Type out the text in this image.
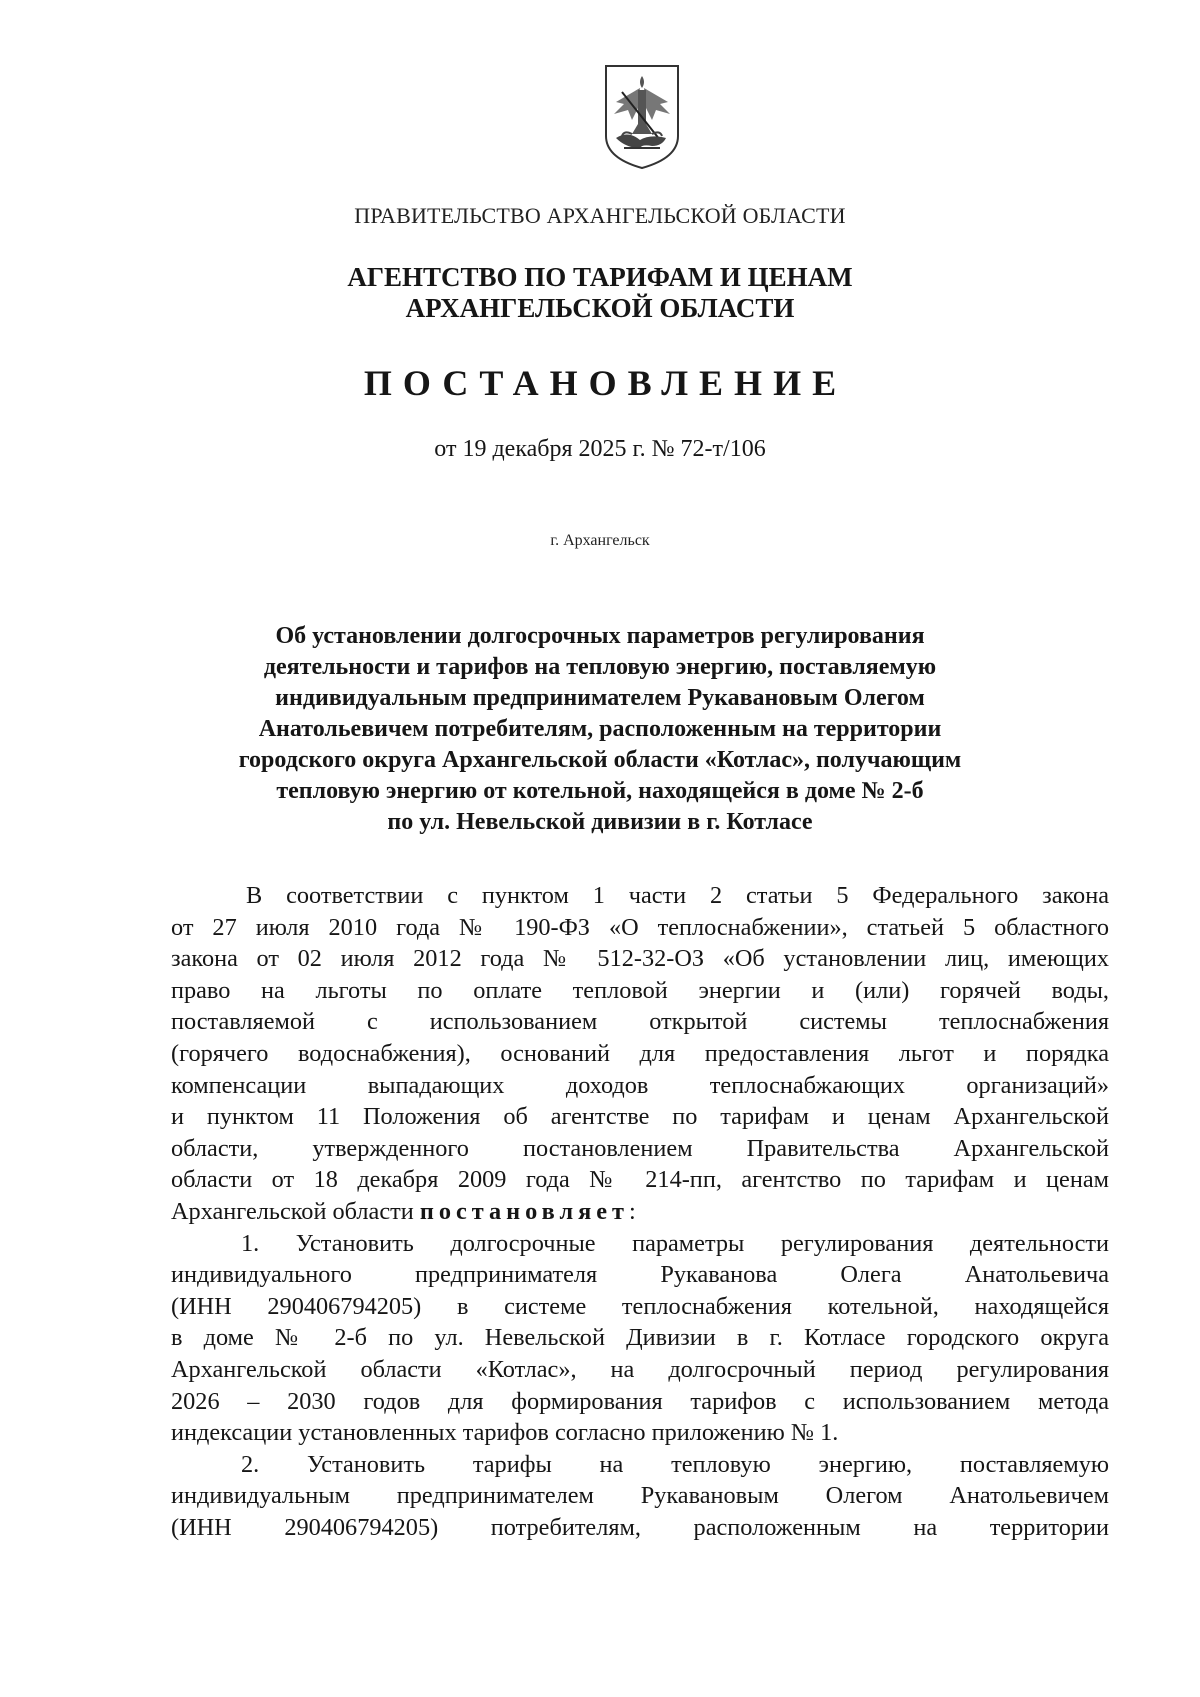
ПРАВИТЕЛЬСТВО АРХАНГЕЛЬСКОЙ ОБЛАСТИ
АГЕНТСТВО ПО ТАРИФАМ И ЦЕНАМ
АРХАНГЕЛЬСКОЙ ОБЛАСТИ
ПОСТАНОВЛЕНИЕ
от 19 декабря 2025 г. № 72-т/106
г. Архангельск
Об установлении долгосрочных параметров регулирования
деятельности и тарифов на тепловую энергию, поставляемую
индивидуальным предпринимателем Рукавановым Олегом
Анатольевичем потребителям, расположенным на территории
городского округа Архангельской области «Котлас», получающим
тепловую энергию от котельной, находящейся в доме № 2-б
по ул. Невельской дивизии в г. Котласе
В соответствии с пунктом 1 части 2 статьи 5 Федерального закона
от 27 июля 2010 года № 190-ФЗ «О теплоснабжении», статьей 5 областного
закона от 02 июля 2012 года № 512-32-ОЗ «Об установлении лиц, имеющих
право на льготы по оплате тепловой энергии и (или) горячей воды,
поставляемой с использованием открытой системы теплоснабжения
(горячего водоснабжения), оснований для предоставления льгот и порядка
компенсации выпадающих доходов теплоснабжающих организаций»
и пунктом 11 Положения об агентстве по тарифам и ценам Архангельской
области, утвержденного постановлением Правительства Архангельской
области от 18 декабря 2009 года № 214-пп, агентство по тарифам и ценам
Архангельской области постановляет:
1. Установить долгосрочные параметры регулирования деятельности
индивидуального предпринимателя Рукаванова Олега Анатольевича
(ИНН 290406794205) в системе теплоснабжения котельной, находящейся
в доме № 2-б по ул. Невельской Дивизии в г. Котласе городского округа
Архангельской области «Котлас», на долгосрочный период регулирования
2026 – 2030 годов для формирования тарифов с использованием метода
индексации установленных тарифов согласно приложению № 1.
2. Установить тарифы на тепловую энергию, поставляемую
индивидуальным предпринимателем Рукавановым Олегом Анатольевичем
(ИНН 290406794205) потребителям, расположенным на территории
